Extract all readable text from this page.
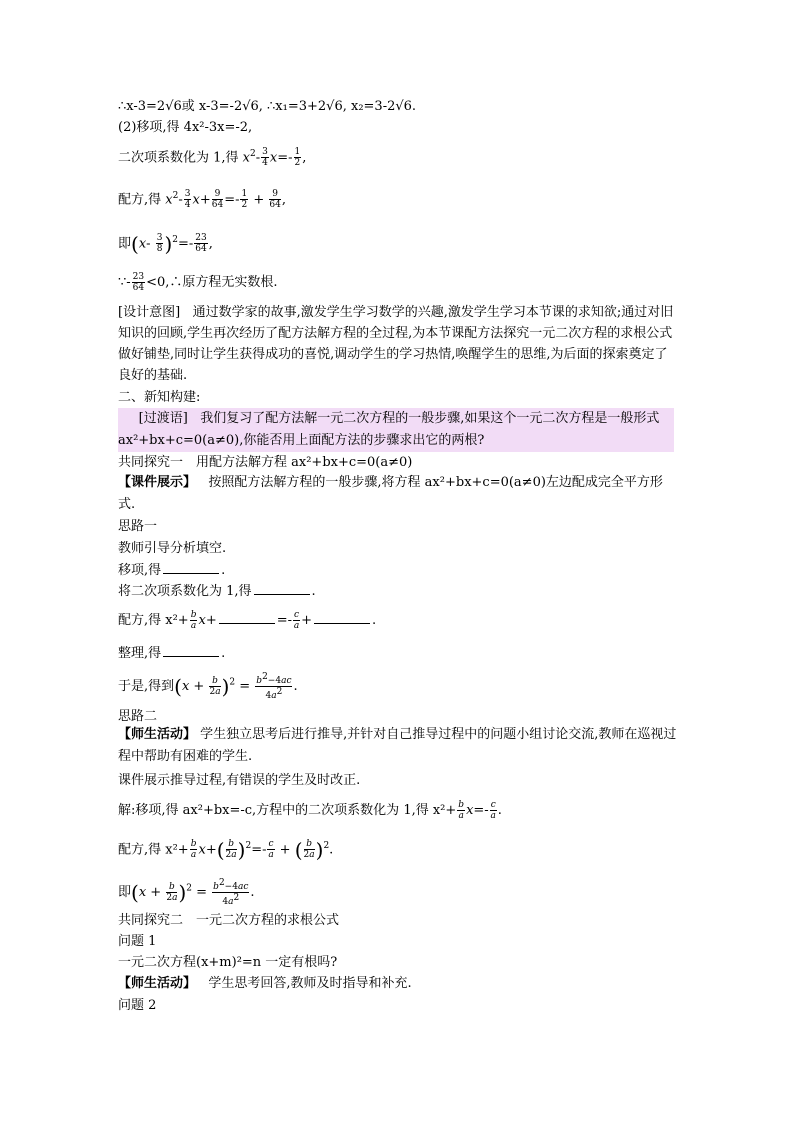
∴x-3=2√6或 x-3=-2√6, ∴x₁=3+2√6, x₂=3-2√6.
(2)移项,得 4x²-3x=-2,
二次项系数化为 1,得 $x^2- \frac{3}{4} x=- \frac{1}{2}$ ,
配方,得 $x^2- \frac{3}{4} x+ \frac{9}{64} =- \frac{1}{2} + \frac{9}{64}$ ,
即$(x- \frac{3}{8} )^2=- \frac{23}{64}$ ,
∵- $\frac{23}{64}$ <0,∴原方程无实数根.
[设计意图] 通过数学家的故事,激发学生学习数学的兴趣,激发学生学习本节课的求知欲;通过对旧知识的回顾,学生再次经历了配方法解方程的全过程,为本节课配方法探究一元二次方程的求根公式做好铺垫,同时让学生获得成功的喜悦,调动学生的学习热情,唤醒学生的思维,为后面的探索奠定了良好的基础.
二、新知构建:
[过渡语] 我们复习了配方法解一元二次方程的一般步骤,如果这个一元二次方程是一般形式 ax²+bx+c=0(a≠0),你能否用上面配方法的步骤求出它的两根?
共同探究一　用配方法解方程 ax²+bx+c=0(a≠0)
【课件展示】 按照配方法解方程的一般步骤,将方程 ax²+bx+c=0(a≠0)左边配成完全平方形式.
思路一
教师引导分析填空.
移项,得	.
将二次项系数化为 1,得	.
配方,得 $x^2+ \frac{b}{a} x+$	=- $\frac{c}{a}$ +	.
整理,得	.
于是,得到$(x + \frac{b}{2a} )^2 = \frac{b2-4ac}{4a2}$ .
思路二
【师生活动】 学生独立思考后进行推导,并针对自己推导过程中的问题小组讨论交流,教师在巡视过程中帮助有困难的学生.
课件展示推导过程,有错误的学生及时改正.
解:移项,得 ax²+bx=-c,方程中的二次项系数化为 1,得 $x^2+ \frac{b}{a} x=- \frac{c}{a}$ .
配方,得 $x^2+ \frac{b}{a} x+( \frac{b}{2a} )^2=- \frac{c}{a}$ + ( $\frac{b}{2a} )^2$.
即$(x + \frac{b}{2a} )^2 = \frac{b2-4ac}{4a2}$ .
共同探究二　一元二次方程的求根公式
问题 1
一元二次方程(x+m)²=n 一定有根吗?
【师生活动】 学生思考回答,教师及时指导和补充.
问题 2
